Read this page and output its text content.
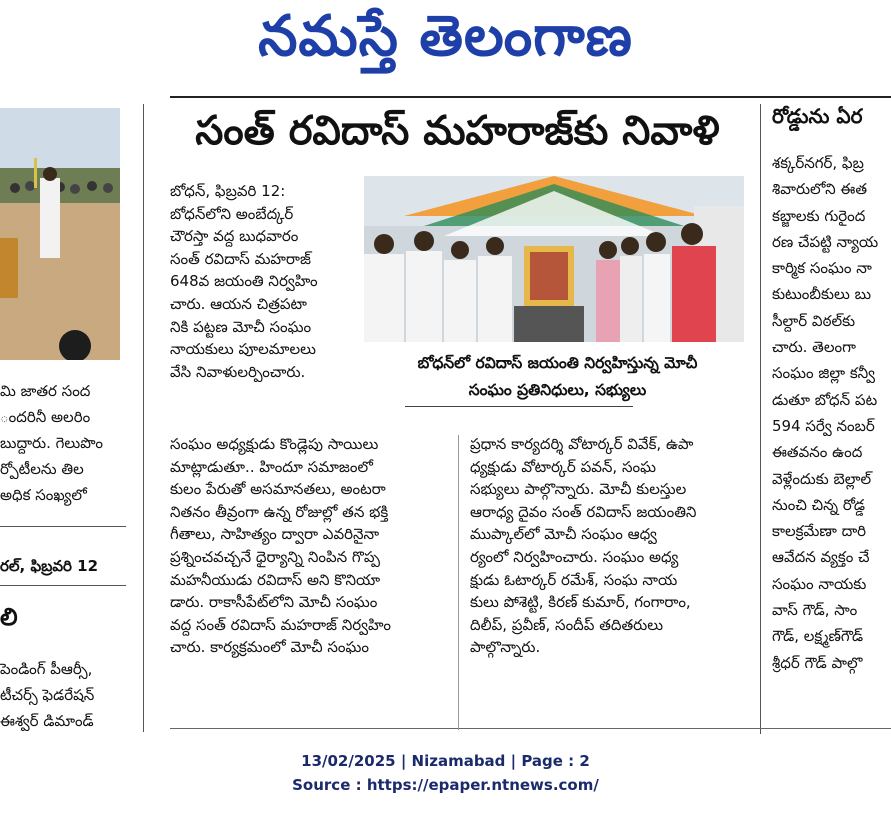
నమస్తే తెలంగాణ
సంత్ రవిదాస్ మహరాజ్‌కు నివాళి	రోడ్డును ఏర
మి జాతర సంద
ందరినీ అలరిం
బుద్దారు. గెలుపొం
ర్పోటీలను తిల
అధిక సంఖ్యలో
రల్, ఫిబ్రవరి 12
లి
పెండింగ్ పీఆర్సీ,
టీచర్స్ ఫెడరేషన్
ఈశ్వర్ డిమాండ్
బోధన్, ఫిబ్రవరి 12:
బోధన్‌లోని అంబేద్కర్
చౌరస్తా వద్ద బుధవారం
సంత్ రవిదాస్ మహరాజ్
648వ జయంతి నిర్వహిం
చారు. ఆయన చిత్రపటా
నికి పట్టణ మోచీ సంఘం
నాయకులు పూలమాలలు
వేసి నివాళులర్పించారు.
సంఘం అధ్యక్షుడు కొండ్లెపు సాయిలు
మాట్లాడుతూ.. హిందూ సమాజంలో
కులం పేరుతో అసమానతలు, అంటరా
నితనం తీవ్రంగా ఉన్న రోజుల్లో తన భక్తి
గీతాలు, సాహిత్యం ద్వారా ఎవరినైనా
ప్రశ్నించవచ్చనే ధైర్యాన్ని నింపిన గొప్ప
మహనీయుడు రవిదాస్ అని కొనియా
డారు. రాకాసీపేట్‌లోని మోచీ సంఘం
వద్ద సంత్ రవిదాస్ మహరాజ్ నిర్వహిం
చారు. కార్యక్రమంలో మోచీ సంఘం
బోధన్‌లో రవిదాస్ జయంతి నిర్వహిస్తున్న మోచీ
సంఘం ప్రతినిధులు, సభ్యులు
ప్రధాన కార్యదర్శి వోటార్కర్ వివేక్, ఉపా
ధ్యక్షుడు వోటార్కర్ పవన్, సంఘ
సభ్యులు పాల్గొన్నారు. మోచీ కులస్తుల
ఆరాధ్య దైవం సంత్ రవిదాస్ జయంతిని
ముప్కాల్‌లో మోచీ సంఘం ఆధ్వ
ర్యంలో నిర్వహించారు. సంఘం అధ్య
క్షుడు ఓటార్కర్ రమేశ్, సంఘ నాయ
కులు పోశెట్టి, కిరణ్ కుమార్, గంగారాం,
దిలీప్, ప్రవీణ్, సందీప్ తదితరులు
పాల్గొన్నారు.
శక్కర్‌నగర్, ఫిబ్ర
శివారులోని ఈత
కబ్జాలకు గురైంద
రణ చేపట్టి న్యాయ
కార్మిక సంఘం నా
కుటుంబీకులు బు
సీల్దార్ విఠల్‌కు
చారు. తెలంగా
సంఘం జిల్లా కన్వీ
డుతూ బోధన్ పట
594 సర్వే నంబర్
ఈతవనం ఉంద
వెళ్లేందుకు బెల్లాల్
నుంచి చిన్న రోడ్డ
కాలక్రమేణా దారి
ఆవేదన వ్యక్తం చే
సంఘం నాయకు
వాస్ గౌడ్, సాం
గౌడ్, లక్ష్మణ్‌గౌడ్
శ్రీధర్ గౌడ్ పాల్గొ
13/02/2025 | Nizamabad | Page : 2
Source : https://epaper.ntnews.com/
